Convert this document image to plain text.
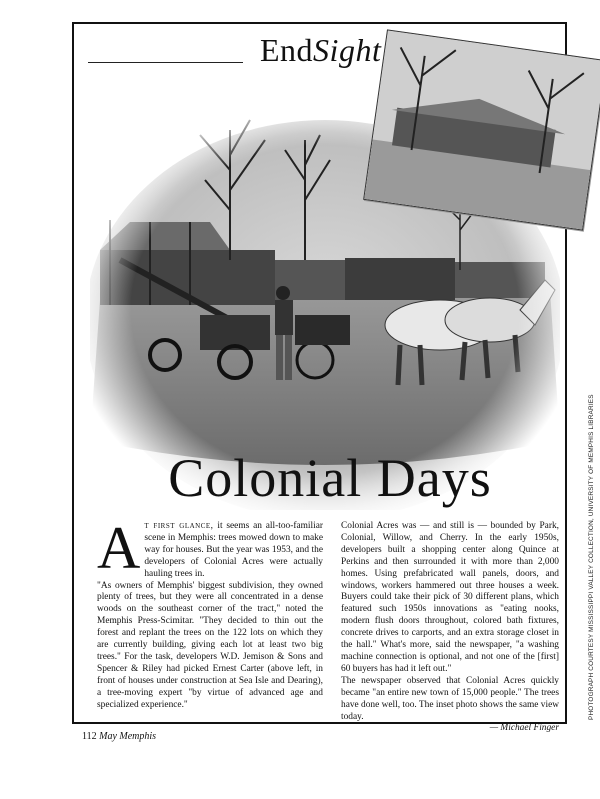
EndSight
Colonial Days
A t first glance, it seems an all-too-familiar scene in Memphis: trees mowed down to make way for houses. But the year was 1953, and the developers of Colonial Acres were actually hauling trees in.

"As owners of Memphis' biggest subdivision, they owned plenty of trees, but they were all concentrated in a dense woods on the southeast corner of the tract," noted the Memphis Press-Scimitar. "They decided to thin out the forest and replant the trees on the 122 lots on which they are currently building, giving each lot at least two big trees." For the task, developers W.D. Jemison & Sons and Spencer & Riley had picked Ernest Carter (above left, in front of houses under construction at Sea Isle and Dearing), a tree-moving expert "by virtue of advanced age and specialized experience."

Colonial Acres was — and still is — bounded by Park, Colonial, Willow, and Cherry. In the early 1950s, developers built a shopping center along Quince at Perkins and then surrounded it with more than 2,000 homes. Using prefabricated wall panels, doors, and windows, workers hammered out three houses a week. Buyers could take their pick of 30 different plans, which featured such 1950s innovations as "eating nooks, modern flush doors throughout, colored bath fixtures, concrete drives to carports, and an extra storage closet in the hall." What's more, said the newspaper, "a washing machine connection is optional, and not one of the [first] 60 buyers has had it left out."

The newspaper observed that Colonial Acres quickly became "an entire new town of 15,000 people." The trees have done well, too. The inset photo shows the same view today.

— Michael Finger

112 May Memphis
PHOTOGRAPH COURTESY MISSISSIPPI VALLEY COLLECTION, UNIVERSITY OF MEMPHIS LIBRARIES
